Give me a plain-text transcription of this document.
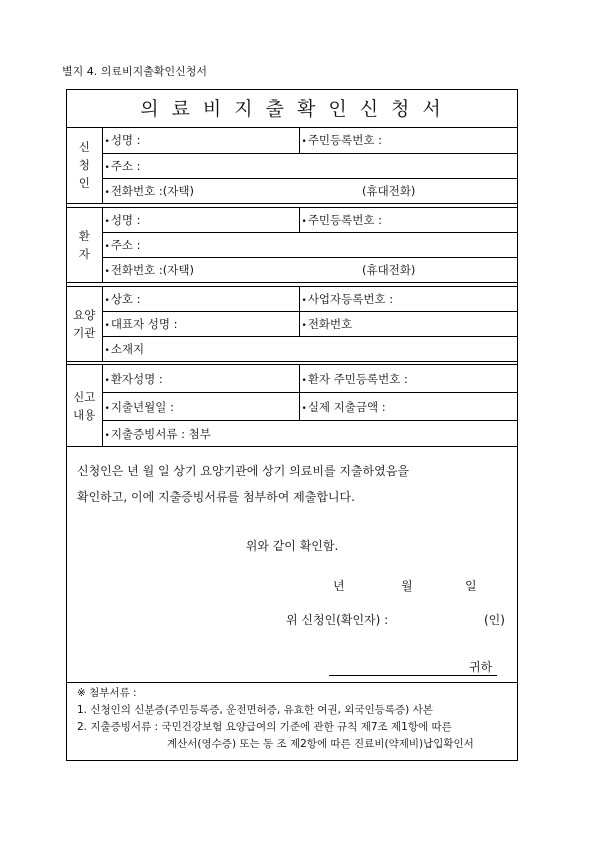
별지 4. 의료비지출확인신청서
의료비지출확인신청서
신
청
인
	• 성명 :	•주민등록번호 :
• 주소 :
• 전화번호 :(자택)	(휴대전화)
환
자
	• 성명 :	•주민등록번호 :
• 주소 :
• 전화번호 :(자택)	(휴대전화)
요양
기관
	• 상호 :	•사업자등록번호 :
• 대표자 성명 :	•전화번호
• 소재지
신고
내용
	• 환자성명 :	•환자 주민등록번호 :
• 지출년월일 :	•실제 지출금액 :
• 지출증빙서류 : 첨부
신청인은 년 월 일 상기 요양기관에 상기 의료비를 지출하였음을
확인하고, 이에 지출증빙서류를 첨부하여 제출합니다.
위와 같이 확인함.
년	월	일
위 신청인(확인자) :	(인)
귀하
※ 첨부서류 :
1. 신청인의 신분증(주민등록증, 운전면허증, 유효한 여권, 외국인등록증) 사본
2. 지출증빙서류 : 국민건강보험 요양급여의 기준에 관한 규칙 제7조 제1항에 따른
계산서(영수증) 또는 동 조 제2항에 따른 진료비(약제비)납입확인서
